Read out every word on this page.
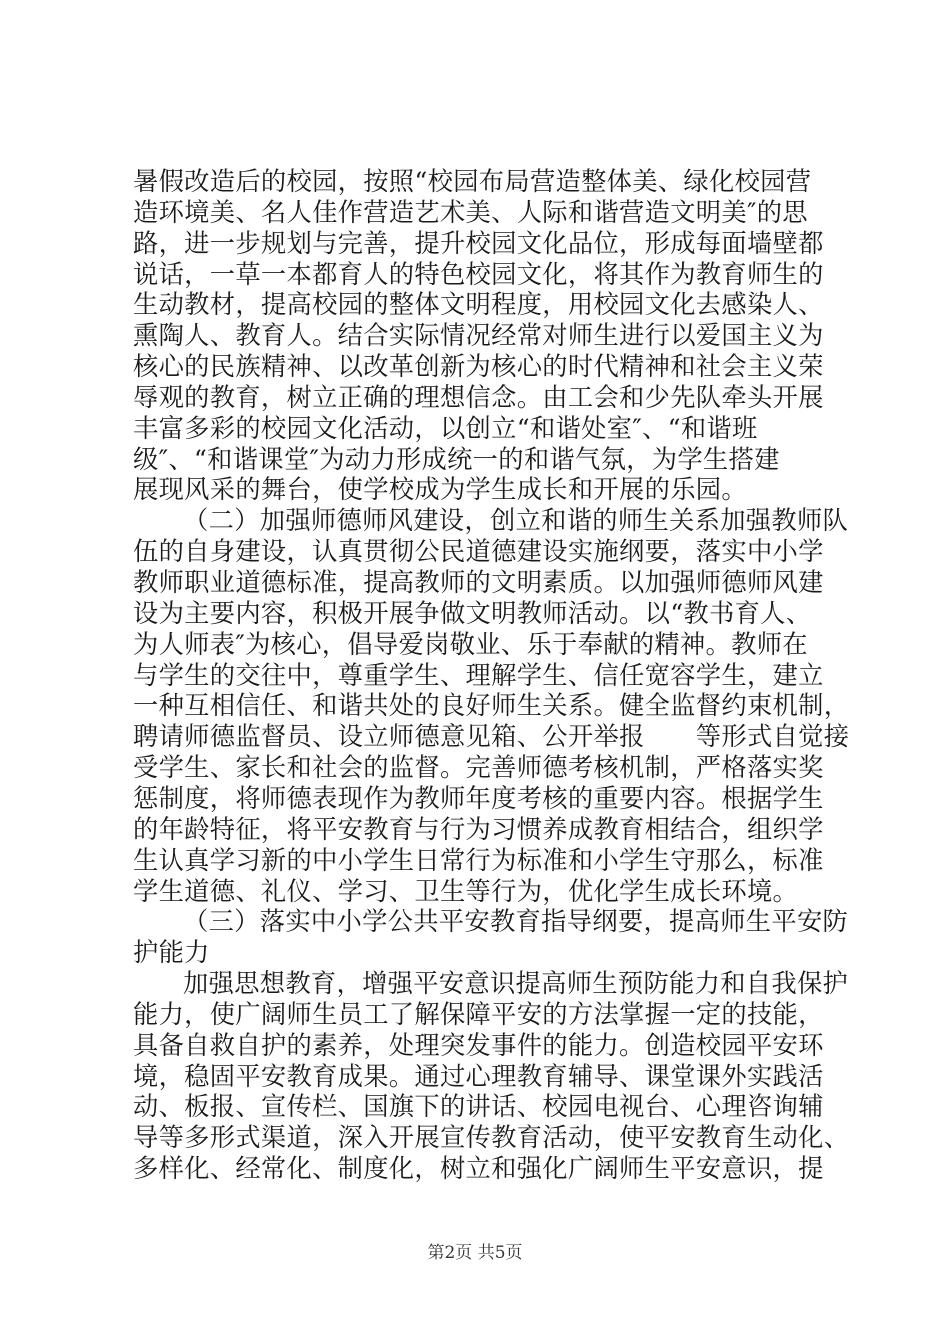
暑假改造后的校园，按照“校园布局营造整体美、绿化校园营
造环境美、名人佳作营造艺术美、人际和谐营造文明美″的思
路，进一步规划与完善，提升校园文化品位，形成每面墙壁都
说话，一草一本都育人的特色校园文化，将其作为教育师生的
生动教材，提高校园的整体文明程度，用校园文化去感染人、
熏陶人、教育人。结合实际情况经常对师生进行以爱国主义为
核心的民族精神、以改革创新为核心的时代精神和社会主义荣
辱观的教育，树立正确的理想信念。由工会和少先队牵头开展
丰富多彩的校园文化活动，以创立“和谐处室″、“和谐班
级″、“和谐课堂″为动力形成统一的和谐气氛，为学生搭建
展现风采的舞台，使学校成为学生成长和开展的乐园。
（二）加强师德师风建设，创立和谐的师生关系加强教师队
伍的自身建设，认真贯彻公民道德建设实施纲要，落实中小学
教师职业道德标准，提高教师的文明素质。以加强师德师风建
设为主要内容，积极开展争做文明教师活动。以“教书育人、
为人师表″为核心，倡导爱岗敬业、乐于奉献的精神。教师在
与学生的交往中，尊重学生、理解学生、信任宽容学生，建立
一种互相信任、和谐共处的良好师生关系。健全监督约束机制，
聘请师德监督员、设立师德意见箱、公开举报　　等形式自觉接
受学生、家长和社会的监督。完善师德考核机制，严格落实奖
惩制度，将师德表现作为教师年度考核的重要内容。根据学生
的年龄特征，将平安教育与行为习惯养成教育相结合，组织学
生认真学习新的中小学生日常行为标准和小学生守那么，标准
学生道德、礼仪、学习、卫生等行为，优化学生成长环境。
（三）落实中小学公共平安教育指导纲要，提高师生平安防
护能力
加强思想教育，增强平安意识提高师生预防能力和自我保护
能力，使广阔师生员工了解保障平安的方法掌握一定的技能，
具备自救自护的素养，处理突发事件的能力。创造校园平安环
境，稳固平安教育成果。通过心理教育辅导、课堂课外实践活
动、板报、宣传栏、国旗下的讲话、校园电视台、心理咨询辅
导等多形式渠道，深入开展宣传教育活动，使平安教育生动化、
多样化、经常化、制度化，树立和强化广阔师生平安意识，提
第2页 共5页
